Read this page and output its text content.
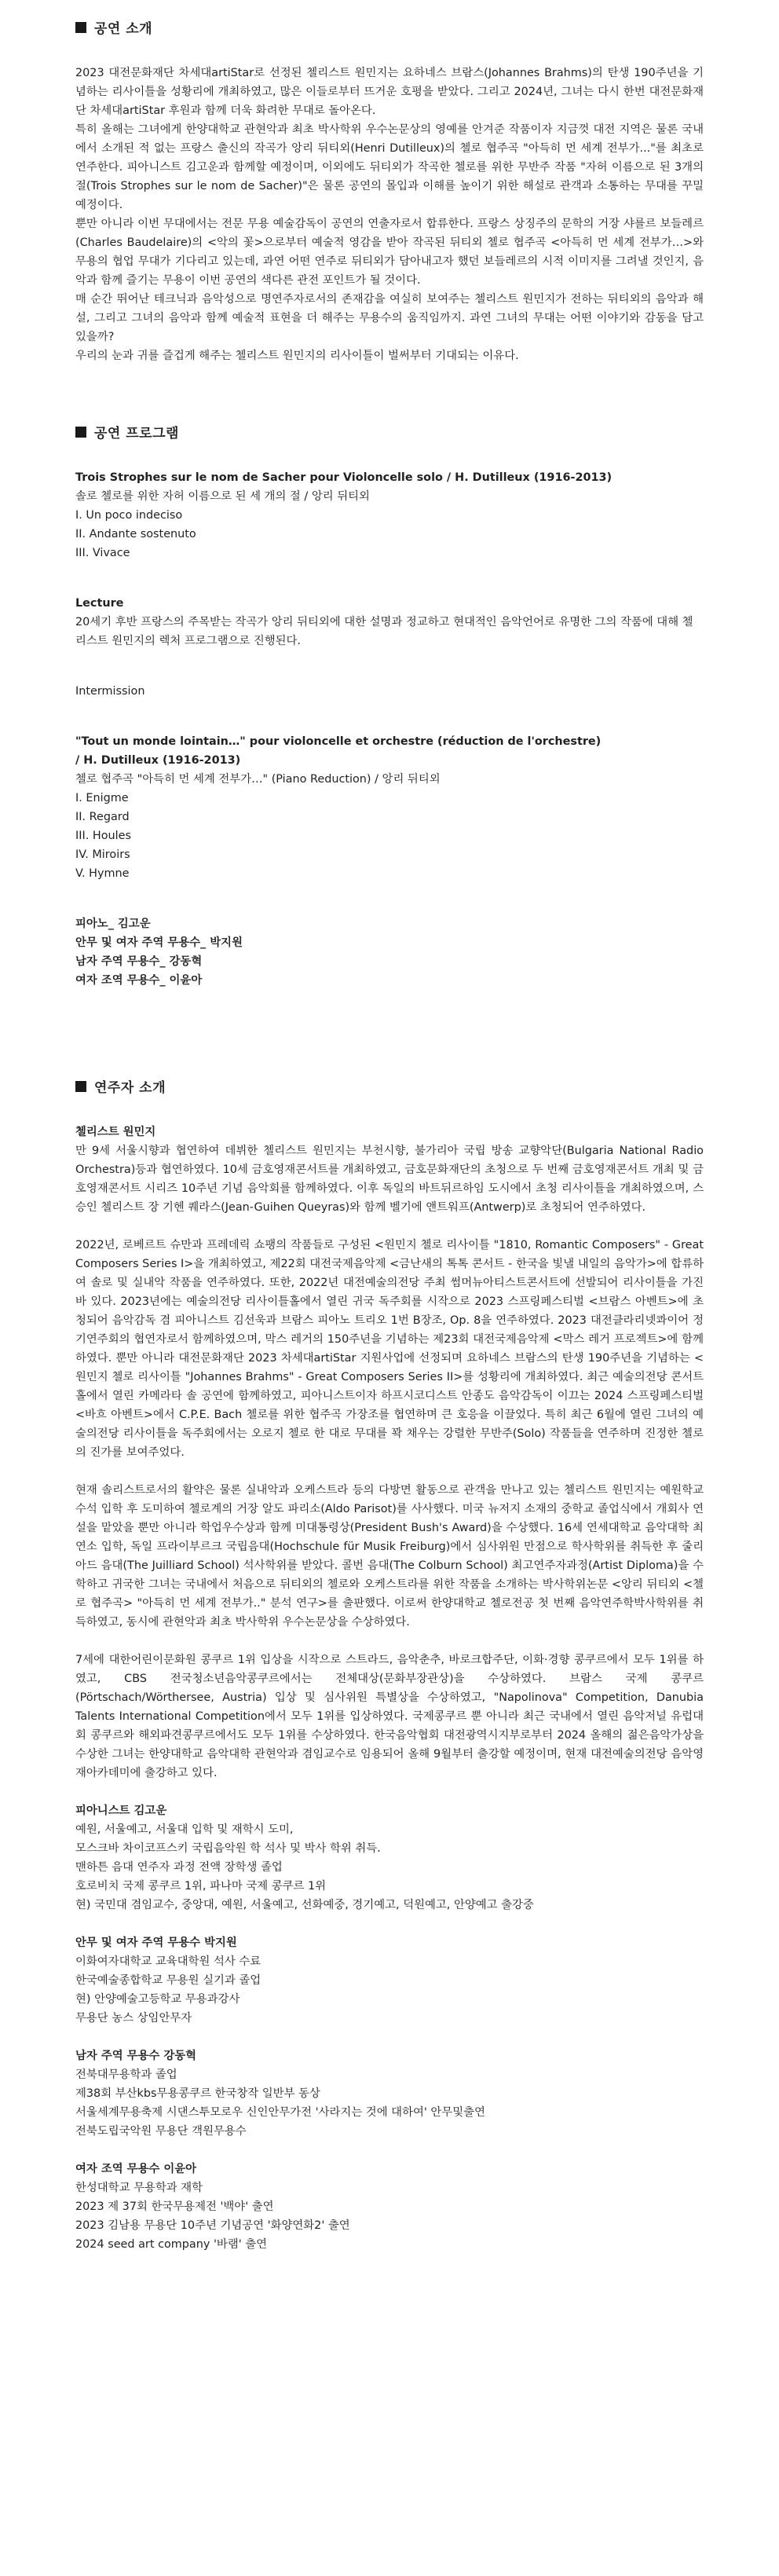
공연 소개

2023 대전문화재단 차세대artiStar로 선정된 첼리스트 원민지는 요하네스 브람스(Johannes Brahms)의 탄생 190주년을 기념하는 리사이틀을 성황리에 개최하였고, 많은 이들로부터 뜨거운 호평을 받았다. 그리고 2024년, 그녀는 다시 한번 대전문화재단 차세대artiStar 후원과 함께 더욱 화려한 무대로 돌아온다.

특히 올해는 그녀에게 한양대학교 관현악과 최초 박사학위 우수논문상의 영예를 안겨준 작품이자 지금껏 대전 지역은 물론 국내에서 소개된 적 없는 프랑스 출신의 작곡가 앙리 뒤티외(Henri Dutilleux)의 첼로 협주곡 "아득히 먼 세계 전부가..."를 최초로 연주한다. 피아니스트 김고운과 함께할 예정이며, 이외에도 뒤티외가 작곡한 첼로를 위한 무반주 작품 "자허 이름으로 된 3개의 절(Trois Strophes sur le nom de Sacher)"은 물론 공연의 몰입과 이해를 높이기 위한 해설로 관객과 소통하는 무대를 꾸밀 예정이다.

뿐만 아니라 이번 무대에서는 전문 무용 예술감독이 공연의 연출자로서 합류한다. 프랑스 상징주의 문학의 거장 샤를르 보들레르(Charles Baudelaire)의 <악의 꽃>으로부터 예술적 영감을 받아 작곡된 뒤티외 첼로 협주곡 <아득히 먼 세계 전부가…>와 무용의 협업 무대가 기다리고 있는데, 과연 어떤 연주로 뒤티외가 담아내고자 했던 보들레르의 시적 이미지를 그려낼 것인지, 음악과 함께 즐기는 무용이 이번 공연의 색다른 관전 포인트가 될 것이다.

매 순간 뛰어난 테크닉과 음악성으로 명연주자로서의 존재감을 여실히 보여주는 첼리스트 원민지가 전하는 뒤티외의 음악과 해설, 그리고 그녀의 음악과 함께 예술적 표현을 더 해주는 무용수의 움직임까지. 과연 그녀의 무대는 어떤 이야기와 감동을 담고 있을까?

우리의 눈과 귀를 즐겁게 해주는 첼리스트 원민지의 리사이틀이 벌써부터 기대되는 이유다.

공연 프로그램
Trois Strophes sur le nom de Sacher pour Violoncelle solo / H. Dutilleux (1916-2013)
솔로 첼로를 위한 자허 이름으로 된 세 개의 절 / 앙리 뒤티외
I. Un poco indeciso
II. Andante sostenuto
III. Vivace
Lecture

20세기 후반 프랑스의 주목받는 작곡가 앙리 뒤티외에 대한 설명과 정교하고 현대적인 음악언어로 유명한 그의 작품에 대해 첼리스트 원민지의 렉처 프로그램으로 진행된다.

Intermission
"Tout un monde lointain…" pour violoncelle et orchestre (réduction de l'orchestre)
/ H. Dutilleux (1916-2013)
첼로 협주곡 "아득히 먼 세계 전부가…" (Piano Reduction) / 앙리 뒤티외
I. Enigme
II. Regard
III. Houles
IV. Miroirs
V. Hymne
피아노_ 김고운
안무 및 여자 주역 무용수_ 박지원
남자 주역 무용수_ 강동혁
여자 조역 무용수_ 이윤아
연주자 소개
첼리스트 원민지

만 9세 서울시향과 협연하여 데뷔한 첼리스트 원민지는 부천시향, 불가리아 국립 방송 교향악단(Bulgaria National Radio Orchestra)등과 협연하였다. 10세 금호영재콘서트를 개최하였고, 금호문화재단의 초청으로 두 번째 금호영재콘서트 개최 및 금호영재콘서트 시리즈 10주년 기념 음악회를 함께하였다. 이후 독일의 바트뒤르하임 도시에서 초청 리사이틀을 개최하였으며, 스승인 첼리스트 장 기헨 퀘라스(Jean-Guihen Queyras)와 함께 벨기에 앤트워프(Antwerp)로 초청되어 연주하였다.

2022년, 로베르트 슈만과 프레데릭 쇼팽의 작품들로 구성된 <원민지 첼로 리사이틀 "1810, Romantic Composers" - Great Composers Series I>을 개최하였고, 제22회 대전국제음악제 <금난새의 톡톡 콘서트 - 한국을 빛낼 내일의 음악가>에 합류하여 솔로 및 실내악 작품을 연주하였다. 또한, 2022년 대전예술의전당 주최 썸머뉴아티스트콘서트에 선발되어 리사이틀을 가진 바 있다. 2023년에는 예술의전당 리사이틀홀에서 열린 귀국 독주회를 시작으로 2023 스프링페스티벌 <브람스 아벤트>에 초청되어 음악감독 겸 피아니스트 김선욱과 브람스 피아노 트리오 1번 B장조, Op. 8을 연주하였다. 2023 대전클라리넷콰이어 정기연주회의 협연자로서 함께하였으며, 막스 레거의 150주년을 기념하는 제23회 대전국제음악제 <막스 레거 프로젝트>에 함께하였다. 뿐만 아니라 대전문화재단 2023 차세대artiStar 지원사업에 선정되며 요하네스 브람스의 탄생 190주년을 기념하는 <원민지 첼로 리사이틀 "Johannes Brahms" - Great Composers Series II>를 성황리에 개최하였다. 최근 예술의전당 콘서트홀에서 열린 카메라타 솔 공연에 함께하였고, 피아니스트이자 하프시코디스트 안종도 음악감독이 이끄는 2024 스프링페스티벌 <바흐 아벤트>에서 C.P.E. Bach 첼로를 위한 협주곡 가장조를 협연하며 큰 호응을 이끌었다. 특히 최근 6월에 열린 그녀의 예술의전당 리사이틀을 독주회에서는 오로지 첼로 한 대로 무대를 꽉 채우는 강렬한 무반주(Solo) 작품들을 연주하며 진정한 첼로의 진가를 보여주었다.

현재 솔리스트로서의 활약은 물론 실내악과 오케스트라 등의 다방면 활동으로 관객을 만나고 있는 첼리스트 원민지는 예원학교 수석 입학 후 도미하여 첼로계의 거장 알도 파리소(Aldo Parisot)를 사사했다. 미국 뉴저지 소재의 중학교 졸업식에서 개회사 연설을 맡았을 뿐만 아니라 학업우수상과 함께 미대통령상(President Bush's Award)을 수상했다. 16세 연세대학교 음악대학 최연소 입학, 독일 프라이부르크 국립음대(Hochschule für Musik Freiburg)에서 심사위원 만점으로 학사학위를 취득한 후 줄리아드 음대(The Juilliard School) 석사학위를 받았다. 콜번 음대(The Colburn School) 최고연주자과정(Artist Diploma)을 수학하고 귀국한 그녀는 국내에서 처음으로 뒤티외의 첼로와 오케스트라를 위한 작품을 소개하는 박사학위논문 <앙리 뒤티외 <첼로 협주곡> "아득히 먼 세계 전부가.." 분석 연구>를 출판했다. 이로써 한양대학교 첼로전공 첫 번째 음악연주학박사학위를 취득하였고, 동시에 관현악과 최초 박사학위 우수논문상을 수상하였다.

7세에 대한어린이문화원 콩쿠르 1위 입상을 시작으로 스트라드, 음악춘추, 바로크합주단, 이화·경향 콩쿠르에서 모두 1위를 하였고, CBS 전국청소년음악콩쿠르에서는 전체대상(문화부장관상)을 수상하였다. 브람스 국제 콩쿠르(Pörtschach/Wörthersee, Austria) 입상 및 심사위원 특별상을 수상하였고, "Napolinova" Competition, Danubia Talents International Competition에서 모두 1위를 입상하였다. 국제콩쿠르 뿐 아니라 최근 국내에서 열린 음악저널 유럽대회 콩쿠르와 해외파견콩쿠르에서도 모두 1위를 수상하였다. 한국음악협회 대전광역시지부로부터 2024 올해의 젊은음악가상을 수상한 그녀는 한양대학교 음악대학 관현악과 겸임교수로 임용되어 올해 9월부터 출강할 예정이며, 현재 대전예술의전당 음악영재아카데미에 출강하고 있다.

피아니스트 김고운
예원, 서울예고, 서울대 입학 및 재학시 도미,
모스크바 차이코프스키 국립음악원 학 석사 및 박사 학위 취득.
맨하튼 음대 연주자 과정 전액 장학생 졸업
호로비치 국제 콩쿠르 1위, 파나마 국제 콩쿠르 1위
현) 국민대 겸임교수, 중앙대, 예원, 서울예고, 선화예중, 경기예고, 덕원예고, 안양예고 출강중
안무 및 여자 주역 무용수 박지원
이화여자대학교 교육대학원 석사 수료
한국예술종합학교 무용원 실기과 졸업
현) 안양예술고등학교 무용과강사
무용단 농스 상임안무자
남자 주역 무용수 강동혁
전북대무용학과 졸업
제38회 부산kbs무용콩쿠르 한국창작 일반부 동상
서울세계무용축제 시댄스투모로우 신인안무가전 '사라지는 것에 대하여' 안무및출연
전북도립국악원 무용단 객원무용수
여자 조역 무용수 이윤아
한성대학교 무용학과 재학
2023 제 37회 한국무용제전 '백야' 출연
2023 김남용 무용단 10주년 기념공연 '화양연화2' 출연
2024 seed art company '바램' 출연
